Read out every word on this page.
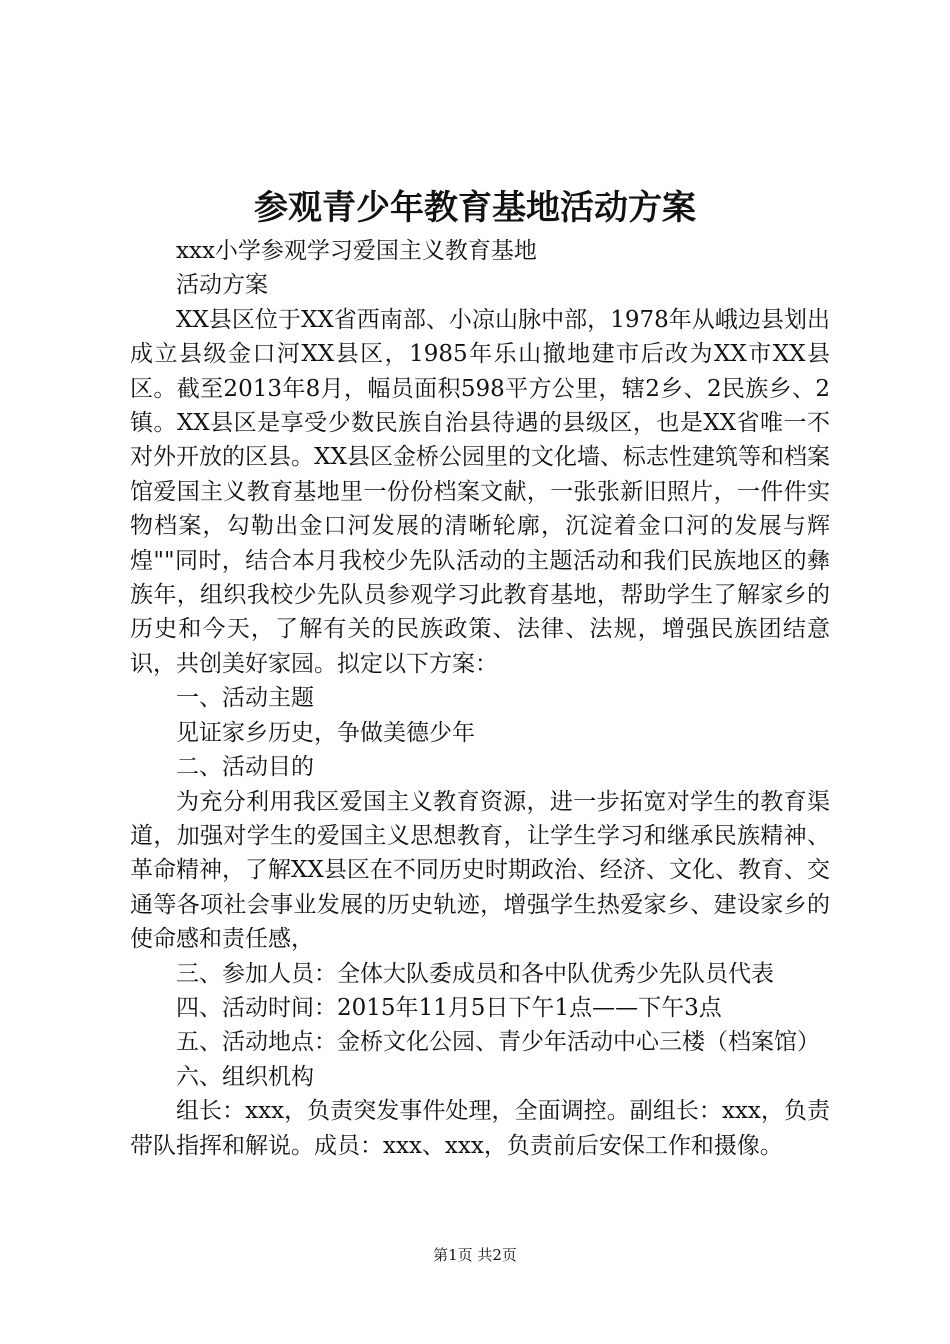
参观青少年教育基地活动方案

xxx小学参观学习爱国主义教育基地

活动方案

XX县区位于XX省西南部、小凉山脉中部，1978年从峨边县划出成立县级金口河XX县区，1985年乐山撤地建市后改为XX市XX县区。截至2013年8月，幅员面积598平方公里，辖2乡、2民族乡、2镇。XX县区是享受少数民族自治县待遇的县级区，也是XX省唯一不对外开放的区县。XX县区金桥公园里的文化墙、标志性建筑等和档案馆爱国主义教育基地里一份份档案文献，一张张新旧照片，一件件实物档案，勾勒出金口河发展的清晰轮廓，沉淀着金口河的发展与辉煌""同时，结合本月我校少先队活动的主题活动和我们民族地区的彝族年，组织我校少先队员参观学习此教育基地，帮助学生了解家乡的历史和今天，了解有关的民族政策、法律、法规，增强民族团结意识，共创美好家园。拟定以下方案：

一、活动主题

见证家乡历史，争做美德少年

二、活动目的

为充分利用我区爱国主义教育资源，进一步拓宽对学生的教育渠道，加强对学生的爱国主义思想教育，让学生学习和继承民族精神、革命精神，了解XX县区在不同历史时期政治、经济、文化、教育、交通等各项社会事业发展的历史轨迹，增强学生热爱家乡、建设家乡的使命感和责任感，

三、参加人员：全体大队委成员和各中队优秀少先队员代表

四、活动时间：2015年11月5日下午1点——下午3点

五、活动地点：金桥文化公园、青少年活动中心三楼（档案馆）

六、组织机构

组长：xxx，负责突发事件处理，全面调控。副组长：xxx，负责带队指挥和解说。成员：xxx、xxx，负责前后安保工作和摄像。

第1页 共2页
